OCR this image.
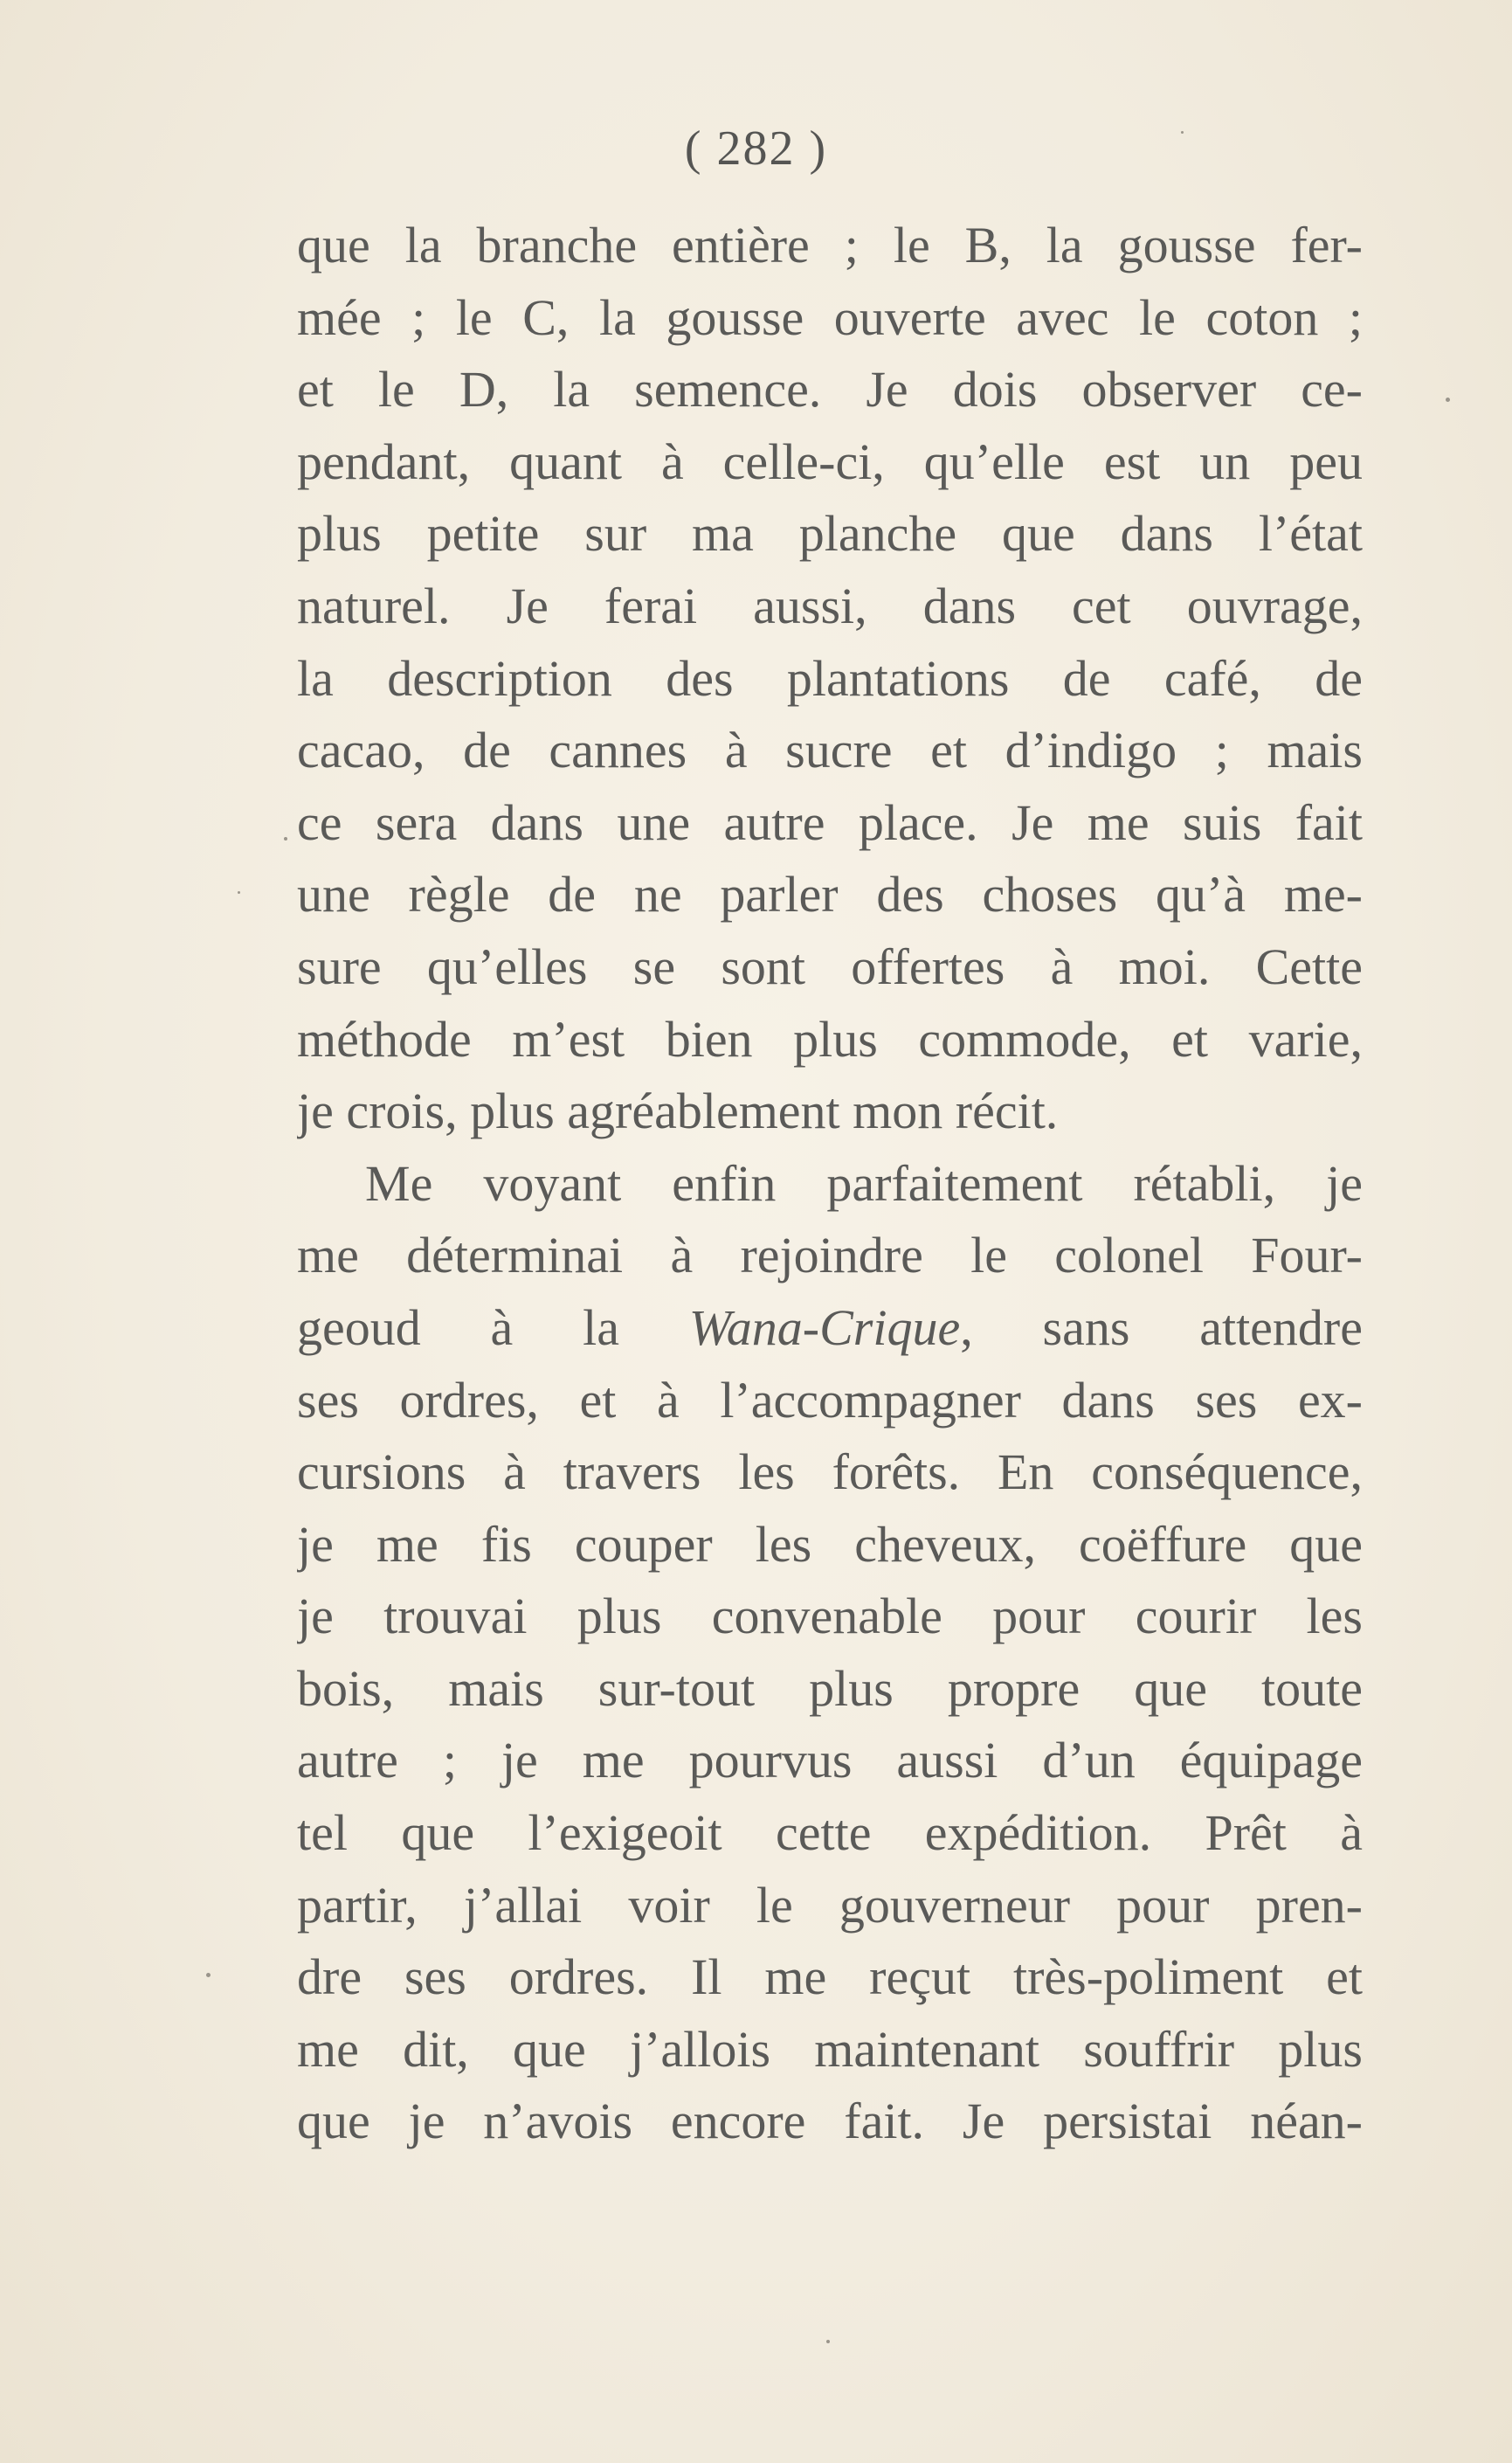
( 282 )
que la branche entière ; le B, la gousse fer-
mée ; le C, la gousse ouverte avec le coton ;
et le D, la semence. Je dois observer ce-
pendant, quant à celle-ci, qu’elle est un peu
plus petite sur ma planche que dans l’état
naturel. Je ferai aussi, dans cet ouvrage,
la description des plantations de café, de
cacao, de cannes à sucre et d’indigo ; mais
ce sera dans une autre place. Je me suis fait
une règle de ne parler des choses qu’à me-
sure qu’elles se sont offertes à moi. Cette
méthode m’est bien plus commode, et varie,
je crois, plus agréablement mon récit.
Me voyant enfin parfaitement rétabli, je
me déterminai à rejoindre le colonel Four-
geoud à la Wana-Crique, sans attendre
ses ordres, et à l’accompagner dans ses ex-
cursions à travers les forêts. En conséquence,
je me fis couper les cheveux, coëffure que
je trouvai plus convenable pour courir les
bois, mais sur-tout plus propre que toute
autre ; je me pourvus aussi d’un équipage
tel que l’exigeoit cette expédition. Prêt à
partir, j’allai voir le gouverneur pour pren-
dre ses ordres. Il me reçut très-poliment et
me dit, que j’allois maintenant souffrir plus
que je n’avois encore fait. Je persistai néan-
